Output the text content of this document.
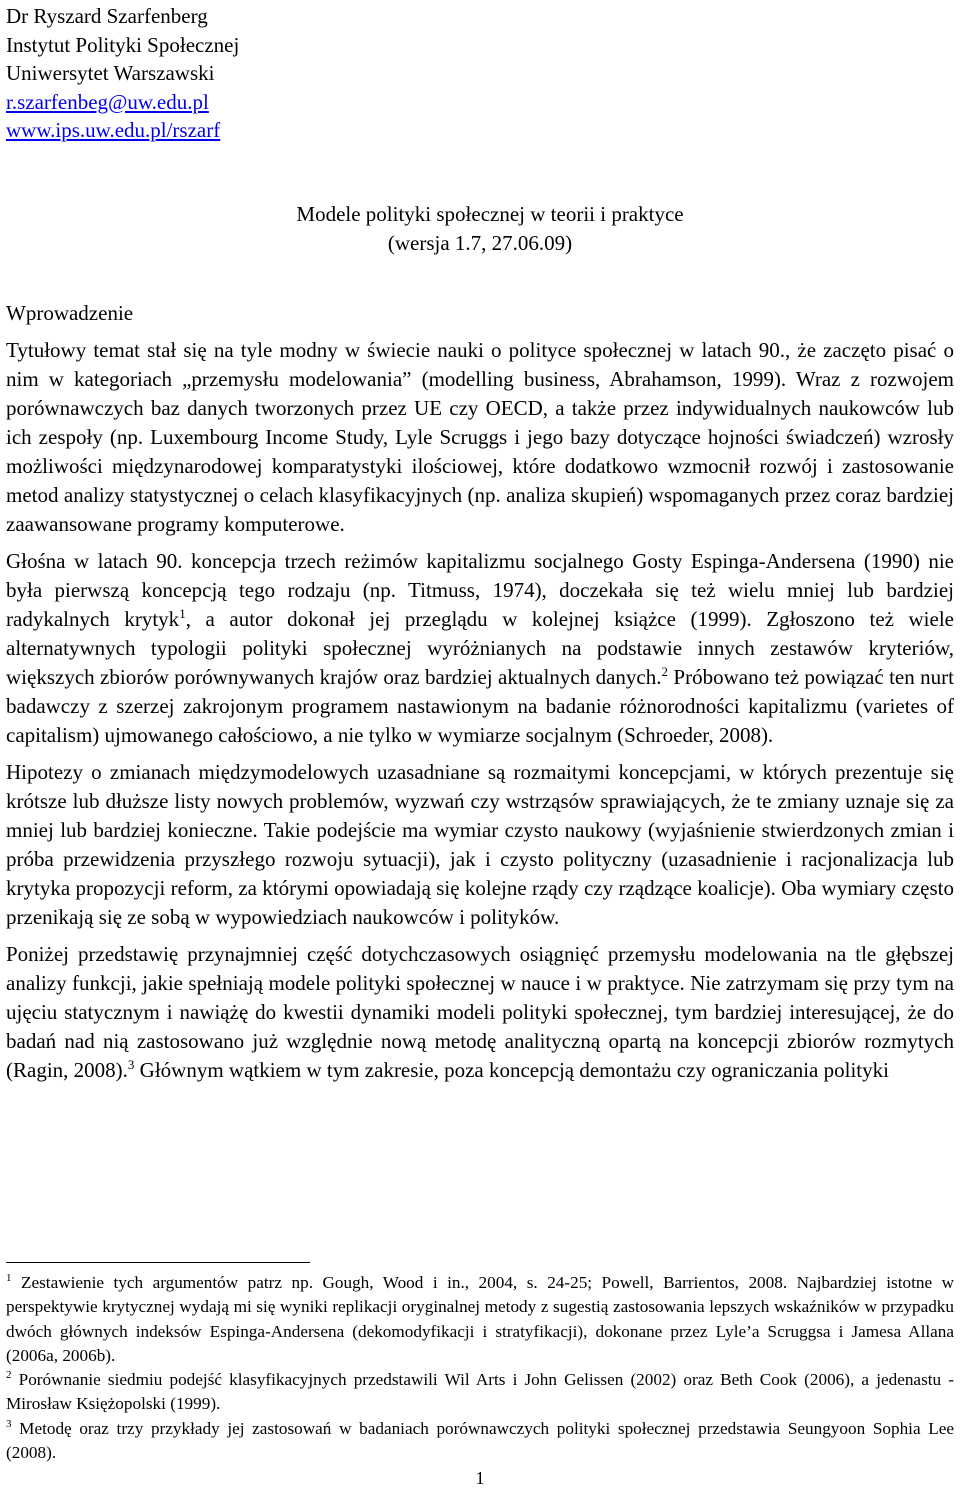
Dr Ryszard Szarfenberg
Instytut Polityki Społecznej
Uniwersytet Warszawski
r.szarfenbeg@uw.edu.pl
www.ips.uw.edu.pl/rszarf
Modele polityki społecznej w teorii i praktyce
(wersja 1.7, 27.06.09)
Wprowadzenie

Tytułowy temat stał się na tyle modny w świecie nauki o polityce społecznej w latach 90., że zaczęto pisać o nim w kategoriach „przemysłu modelowania” (modelling business, Abrahamson, 1999). Wraz z rozwojem porównawczych baz danych tworzonych przez UE czy OECD, a także przez indywidualnych naukowców lub ich zespoły (np. Luxembourg Income Study, Lyle Scruggs i jego bazy dotyczące hojności świadczeń) wzrosły możliwości międzynarodowej komparatystyki ilościowej, które dodatkowo wzmocnił rozwój i zastosowanie metod analizy statystycznej o celach klasyfikacyjnych (np. analiza skupień) wspomaganych przez coraz bardziej zaawansowane programy komputerowe.

Głośna w latach 90. koncepcja trzech reżimów kapitalizmu socjalnego Gosty Espinga-Andersena (1990) nie była pierwszą koncepcją tego rodzaju (np. Titmuss, 1974), doczekała się też wielu mniej lub bardziej radykalnych krytyk$^1$, a autor dokonał jej przeglądu w kolejnej książce (1999). Zgłoszono też wiele alternatywnych typologii polityki społecznej wyróżnianych na podstawie innych zestawów kryteriów, większych zbiorów porównywanych krajów oraz bardziej aktualnych danych.$^2$ Próbowano też powiązać ten nurt badawczy z szerzej zakrojonym programem nastawionym na badanie różnorodności kapitalizmu (varietes of capitalism) ujmowanego całościowo, a nie tylko w wymiarze socjalnym (Schroeder, 2008).

Hipotezy o zmianach międzymodelowych uzasadniane są rozmaitymi koncepcjami, w których prezentuje się krótsze lub dłuższe listy nowych problemów, wyzwań czy wstrząsów sprawiających, że te zmiany uznaje się za mniej lub bardziej konieczne. Takie podejście ma wymiar czysto naukowy (wyjaśnienie stwierdzonych zmian i próba przewidzenia przyszłego rozwoju sytuacji), jak i czysto polityczny (uzasadnienie i racjonalizacja lub krytyka propozycji reform, za którymi opowiadają się kolejne rządy czy rządzące koalicje). Oba wymiary często przenikają się ze sobą w wypowiedziach naukowców i polityków.

Poniżej przedstawię przynajmniej część dotychczasowych osiągnięć przemysłu modelowania na tle głębszej analizy funkcji, jakie spełniają modele polityki społecznej w nauce i w praktyce. Nie zatrzymam się przy tym na ujęciu statycznym i nawiążę do kwestii dynamiki modeli polityki społecznej, tym bardziej interesującej, że do badań nad nią zastosowano już względnie nową metodę analityczną opartą na koncepcji zbiorów rozmytych (Ragin, 2008).$^3$ Głównym wątkiem w tym zakresie, poza koncepcją demontażu czy ograniczania polityki

$^1$ Zestawienie tych argumentów patrz np. Gough, Wood i in., 2004, s. 24-25; Powell, Barrientos, 2008. Najbardziej istotne w perspektywie krytycznej wydają mi się wyniki replikacji oryginalnej metody z sugestią zastosowania lepszych wskaźników w przypadku dwóch głównych indeksów Espinga-Andersena (dekomodyfikacji i stratyfikacji), dokonane przez Lyle’a Scruggsa i Jamesa Allana (2006a, 2006b).

$^2$ Porównanie siedmiu podejść klasyfikacyjnych przedstawili Wil Arts i John Gelissen (2002) oraz Beth Cook (2006), a jedenastu - Mirosław Księżopolski (1999).

$^3$ Metodę oraz trzy przykłady jej zastosowań w badaniach porównawczych polityki społecznej przedstawia Seungyoon Sophia Lee (2008).

1
